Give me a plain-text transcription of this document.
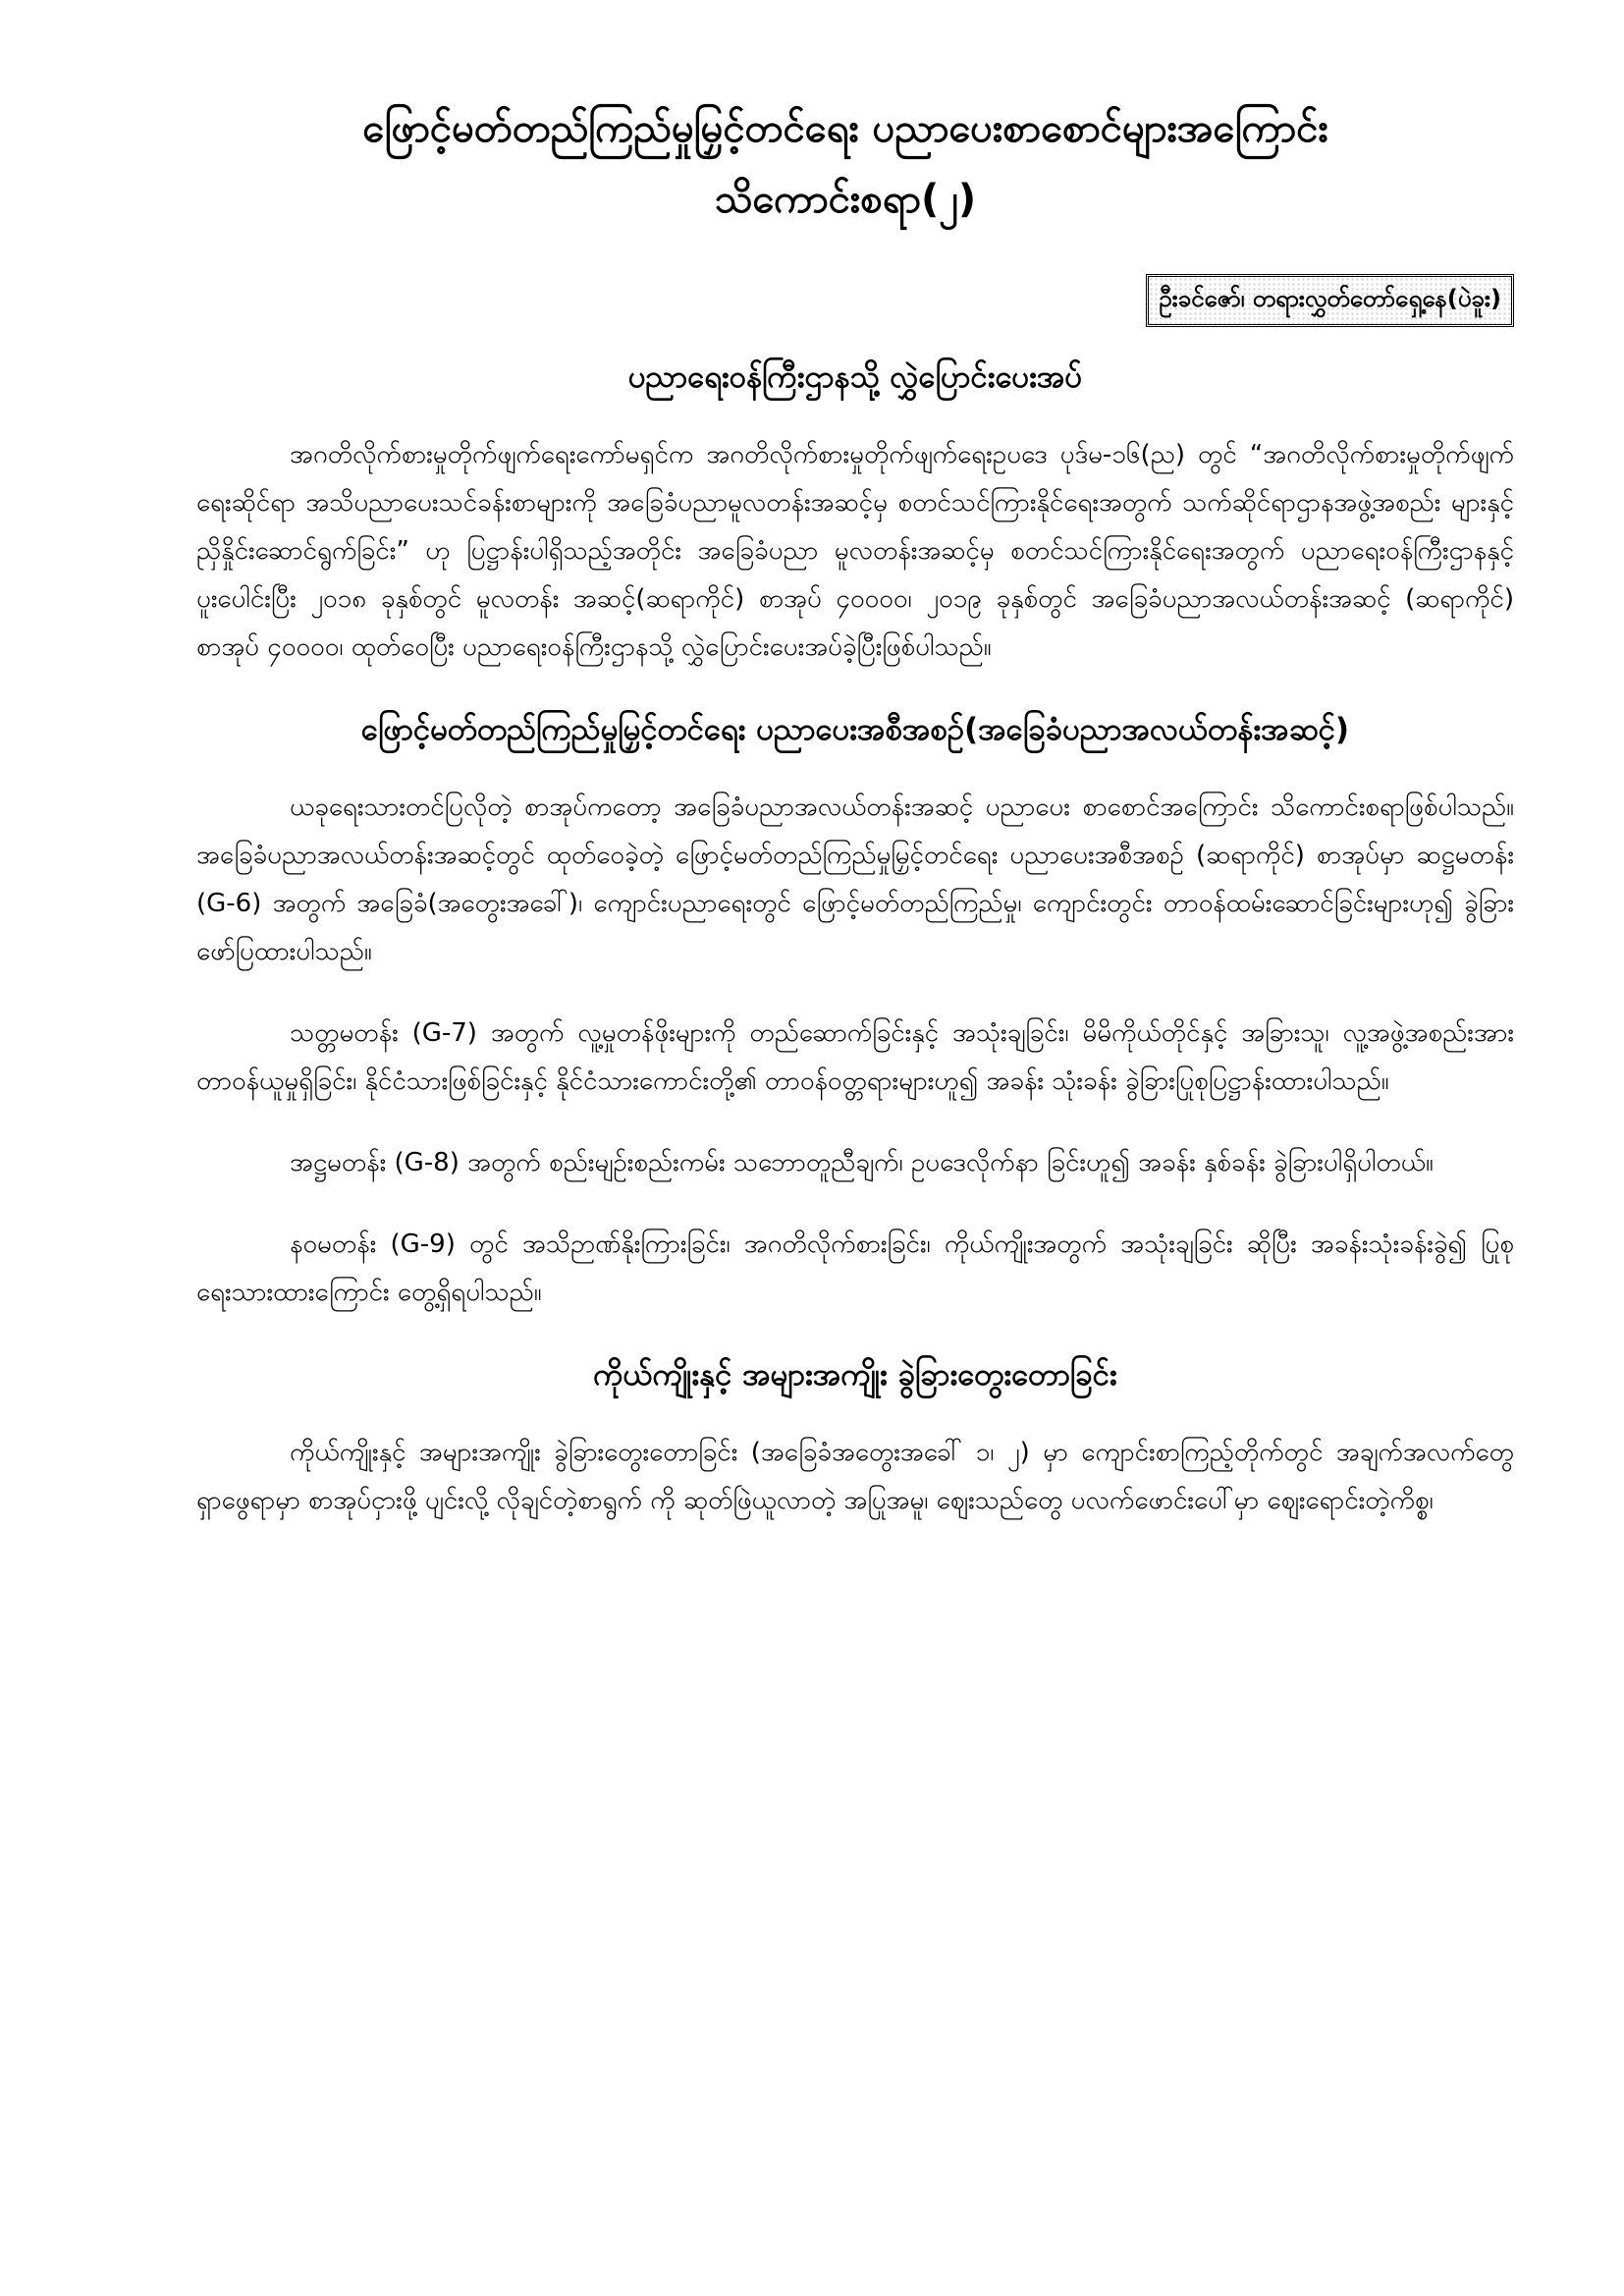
ဖြောင့်မတ်တည်ကြည်မှုမြှင့်တင်ရေး ပညာပေးစာစောင်များအကြောင်း

သိကောင်းစရာ(၂)

ဦးခင်ဇော်၊ တရားလွှတ်တော်ရှေ့နေ(ပဲခူး)
ပညာရေးဝန်ကြီးဌာနသို့ လွှဲပြောင်းပေးအပ်

အဂတိလိုက်စားမှုတိုက်ဖျက်ရေးကော်မရှင်က အဂတိလိုက်စားမှုတိုက်ဖျက်ရေးဥပဒေ ပုဒ်မ-၁၆(ည) တွင် “အဂတိလိုက်စားမှုတိုက်ဖျက်ရေးဆိုင်ရာ အသိပညာပေးသင်ခန်းစာများကို အခြေခံပညာမူလတန်းအဆင့်မှ စတင်သင်ကြားနိုင်ရေးအတွက် သက်ဆိုင်ရာဌာနအဖွဲ့အစည်း များနှင့် ညှိနှိုင်းဆောင်ရွက်ခြင်း” ဟု ပြဋ္ဌာန်းပါရှိသည့်အတိုင်း အခြေခံပညာ မူလတန်းအဆင့်မှ စတင်သင်ကြားနိုင်ရေးအတွက် ပညာရေးဝန်ကြီးဌာနနှင့် ပူးပေါင်းပြီး ၂၀၁၈ ခုနှစ်တွင် မူလတန်း အဆင့်(ဆရာကိုင်) စာအုပ် ၄၀၀၀၀၊ ၂၀၁၉ ခုနှစ်တွင် အခြေခံပညာအလယ်တန်းအဆင့် (ဆရာကိုင်) စာအုပ် ၄၀၀၀၀၊ ထုတ်ဝေပြီး ပညာရေးဝန်ကြီးဌာနသို့ လွှဲပြောင်းပေးအပ်ခဲ့ပြီးဖြစ်ပါသည်။

ဖြောင့်မတ်တည်ကြည်မှုမြှင့်တင်ရေး ပညာပေးအစီအစဉ်(အခြေခံပညာအလယ်တန်းအဆင့်)

ယခုရေးသားတင်ပြလိုတဲ့ စာအုပ်ကတော့ အခြေခံပညာအလယ်တန်းအဆင့် ပညာပေး စာစောင်အကြောင်း သိကောင်းစရာဖြစ်ပါသည်။ အခြေခံပညာအလယ်တန်းအဆင့်တွင် ထုတ်ဝေခဲ့တဲ့ ဖြောင့်မတ်တည်ကြည်မှုမြှင့်တင်ရေး ပညာပေးအစီအစဉ် (ဆရာကိုင်) စာအုပ်မှာ ဆဋ္ဌမတန်း (G-6) အတွက် အခြေခံ(အတွေးအခေါ်)၊ ကျောင်းပညာရေးတွင် ဖြောင့်မတ်တည်ကြည်မှု၊ ကျောင်းတွင်း တာဝန်ထမ်းဆောင်ခြင်းများဟု၍ ခွဲခြားဖော်ပြထားပါသည်။

သတ္တမတန်း (G-7) အတွက် လူ့မှုတန်ဖိုးများကို တည်ဆောက်ခြင်းနှင့် အသုံးချခြင်း၊ မိမိကိုယ်တိုင်နှင့် အခြားသူ၊ လူ့အဖွဲ့အစည်းအား တာဝန်ယူမှုရှိခြင်း၊ နိုင်ငံသားဖြစ်ခြင်းနှင့် နိုင်ငံသားကောင်းတို့၏ တာဝန်ဝတ္တရားများဟူ၍ အခန်း သုံးခန်း ခွဲခြားပြုစုပြဋ္ဌာန်းထားပါသည်။

အဋ္ဌမတန်း (G-8) အတွက် စည်းမျဉ်းစည်းကမ်း သဘောတူညီချက်၊ ဥပဒေလိုက်နာ ခြင်းဟူ၍ အခန်း နှစ်ခန်း ခွဲခြားပါရှိပါတယ်။

နဝမတန်း (G-9) တွင် အသိဉာဏ်နိုးကြားခြင်း၊ အဂတိလိုက်စားခြင်း၊ ကိုယ်ကျိုးအတွက် အသုံးချခြင်း ဆိုပြီး အခန်းသုံးခန်းခွဲ၍ ပြုစုရေးသားထားကြောင်း တွေ့ရှိရပါသည်။

ကိုယ်ကျိုးနှင့် အများအကျိုး ခွဲခြားတွေးတောခြင်း

ကိုယ်ကျိုးနှင့် အများအကျိုး ခွဲခြားတွေးတောခြင်း (အခြေခံအတွေးအခေါ် ၁၊ ၂) မှာ ကျောင်းစာကြည့်တိုက်တွင် အချက်အလက်တွေ ရှာဖွေရာမှာ စာအုပ်ငှားဖို့ ပျင်းလို့ လိုချင်တဲ့စာရွက် ကို ဆုတ်ဖြဲယူလာတဲ့ အပြုအမူ၊ ဈေးသည်တွေ ပလက်ဖောင်းပေါ်မှာ ဈေးရောင်းတဲ့ကိစ္စ၊
